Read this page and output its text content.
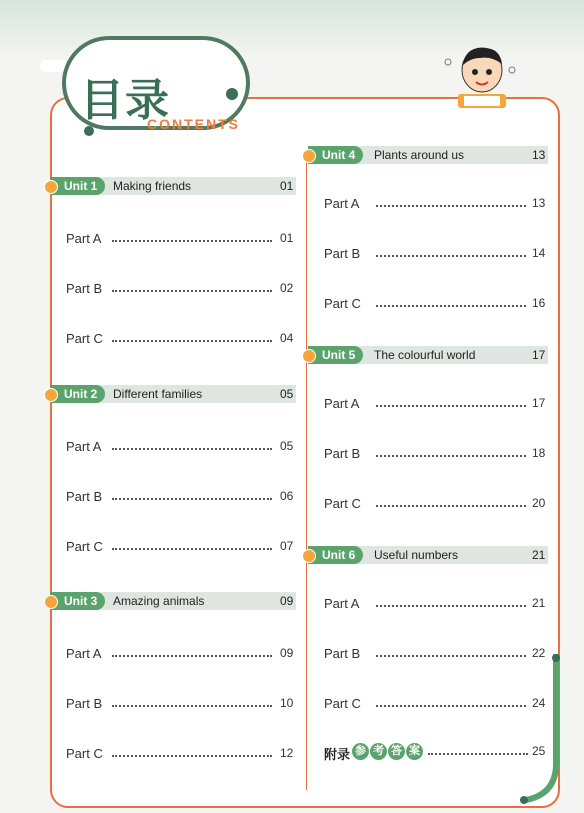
目录
CONTENTS
Unit 1	Making friends	01
Part A	01
Part B	02
Part C	04
Unit 2	Different families	05
Part A	05
Part B	06
Part C	07
Unit 3	Amazing animals	09
Part A	09
Part B	10
Part C	12
Unit 4	Plants around us	13
Part A	13
Part B	14
Part C	16
Unit 5	The colourful world	17
Part A	17
Part B	18
Part C	20
Unit 6	Useful numbers	21
Part A	21
Part B	22
Part C	24
附录 参 考 答 案	25
